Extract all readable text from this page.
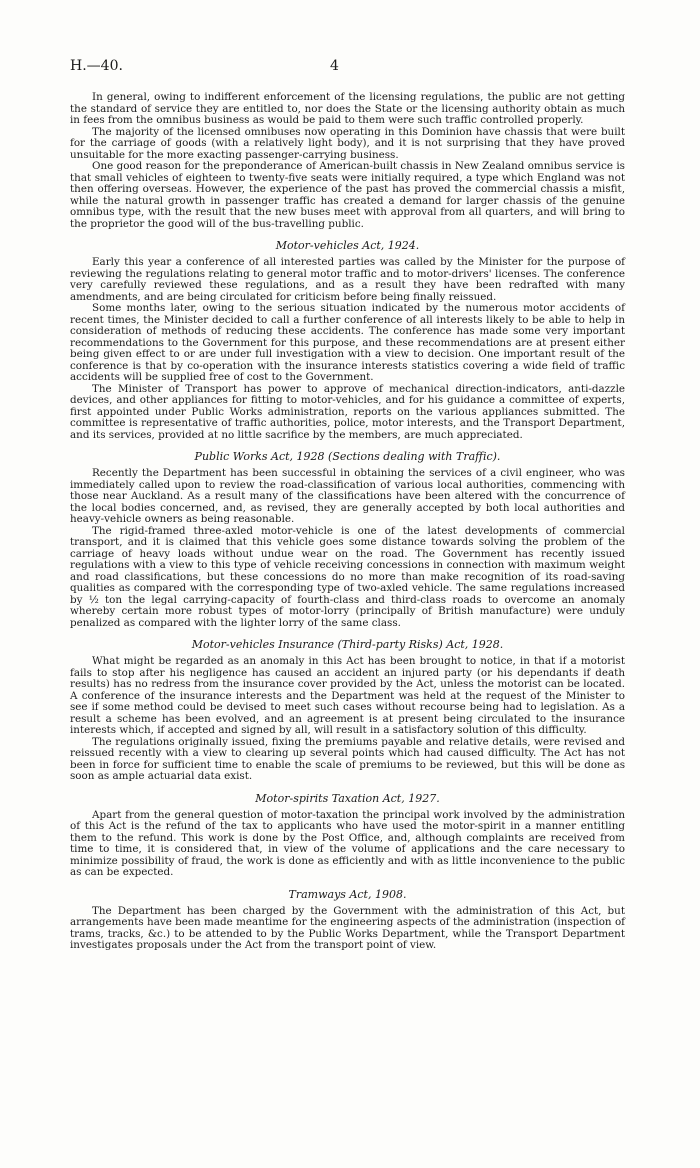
H.—40.	4

In general, owing to indifferent enforcement of the licensing regulations, the public are not getting the standard of service they are entitled to, nor does the State or the licensing authority obtain as much in fees from the omnibus business as would be paid to them were such traffic controlled properly.

The majority of the licensed omnibuses now operating in this Dominion have chassis that were built for the carriage of goods (with a relatively light body), and it is not surprising that they have proved unsuitable for the more exacting passenger-carrying business.

One good reason for the preponderance of American-built chassis in New Zealand omnibus service is that small vehicles of eighteen to twenty-five seats were initially required, a type which England was not then offering overseas. However, the experience of the past has proved the commercial chassis a misfit, while the natural growth in passenger traffic has created a demand for larger chassis of the genuine omnibus type, with the result that the new buses meet with approval from all quarters, and will bring to the proprietor the good will of the bus-travelling public.

Motor-vehicles Act, 1924.

Early this year a conference of all interested parties was called by the Minister for the purpose of reviewing the regulations relating to general motor traffic and to motor-drivers' licenses. The conference very carefully reviewed these regulations, and as a result they have been redrafted with many amendments, and are being circulated for criticism before being finally reissued.

Some months later, owing to the serious situation indicated by the numerous motor accidents of recent times, the Minister decided to call a further conference of all interests likely to be able to help in consideration of methods of reducing these accidents. The conference has made some very important recommendations to the Government for this purpose, and these recommendations are at present either being given effect to or are under full investigation with a view to decision. One important result of the conference is that by co-operation with the insurance interests statistics covering a wide field of traffic accidents will be supplied free of cost to the Government.

The Minister of Transport has power to approve of mechanical direction-indicators, anti-dazzle devices, and other appliances for fitting to motor-vehicles, and for his guidance a committee of experts, first appointed under Public Works administration, reports on the various appliances submitted. The committee is representative of traffic authorities, police, motor interests, and the Transport Department, and its services, provided at no little sacrifice by the members, are much appreciated.

Public Works Act, 1928 (Sections dealing with Traffic).

Recently the Department has been successful in obtaining the services of a civil engineer, who was immediately called upon to review the road-classification of various local authorities, commencing with those near Auckland. As a result many of the classifications have been altered with the concurrence of the local bodies concerned, and, as revised, they are generally accepted by both local authorities and heavy-vehicle owners as being reasonable.

The rigid-framed three-axled motor-vehicle is one of the latest developments of commercial transport, and it is claimed that this vehicle goes some distance towards solving the problem of the carriage of heavy loads without undue wear on the road. The Government has recently issued regulations with a view to this type of vehicle receiving concessions in connection with maximum weight and road classifications, but these concessions do no more than make recognition of its road-saving qualities as compared with the corresponding type of two-axled vehicle. The same regulations increased by ½ ton the legal carrying-capacity of fourth-class and third-class roads to overcome an anomaly whereby certain more robust types of motor-lorry (principally of British manufacture) were unduly penalized as compared with the lighter lorry of the same class.

Motor-vehicles Insurance (Third-party Risks) Act, 1928.

What might be regarded as an anomaly in this Act has been brought to notice, in that if a motorist fails to stop after his negligence has caused an accident an injured party (or his dependants if death results) has no redress from the insurance cover provided by the Act, unless the motorist can be located. A conference of the insurance interests and the Department was held at the request of the Minister to see if some method could be devised to meet such cases without recourse being had to legislation. As a result a scheme has been evolved, and an agreement is at present being circulated to the insurance interests which, if accepted and signed by all, will result in a satisfactory solution of this difficulty.

The regulations originally issued, fixing the premiums payable and relative details, were revised and reissued recently with a view to clearing up several points which had caused difficulty. The Act has not been in force for sufficient time to enable the scale of premiums to be reviewed, but this will be done as soon as ample actuarial data exist.

Motor-spirits Taxation Act, 1927.

Apart from the general question of motor-taxation the principal work involved by the administration of this Act is the refund of the tax to applicants who have used the motor-spirit in a manner entitling them to the refund. This work is done by the Post Office, and, although complaints are received from time to time, it is considered that, in view of the volume of applications and the care necessary to minimize possibility of fraud, the work is done as efficiently and with as little inconvenience to the public as can be expected.

Tramways Act, 1908.

The Department has been charged by the Government with the administration of this Act, but arrangements have been made meantime for the engineering aspects of the administration (inspection of trams, tracks, &c.) to be attended to by the Public Works Department, while the Transport Department investigates proposals under the Act from the transport point of view.
